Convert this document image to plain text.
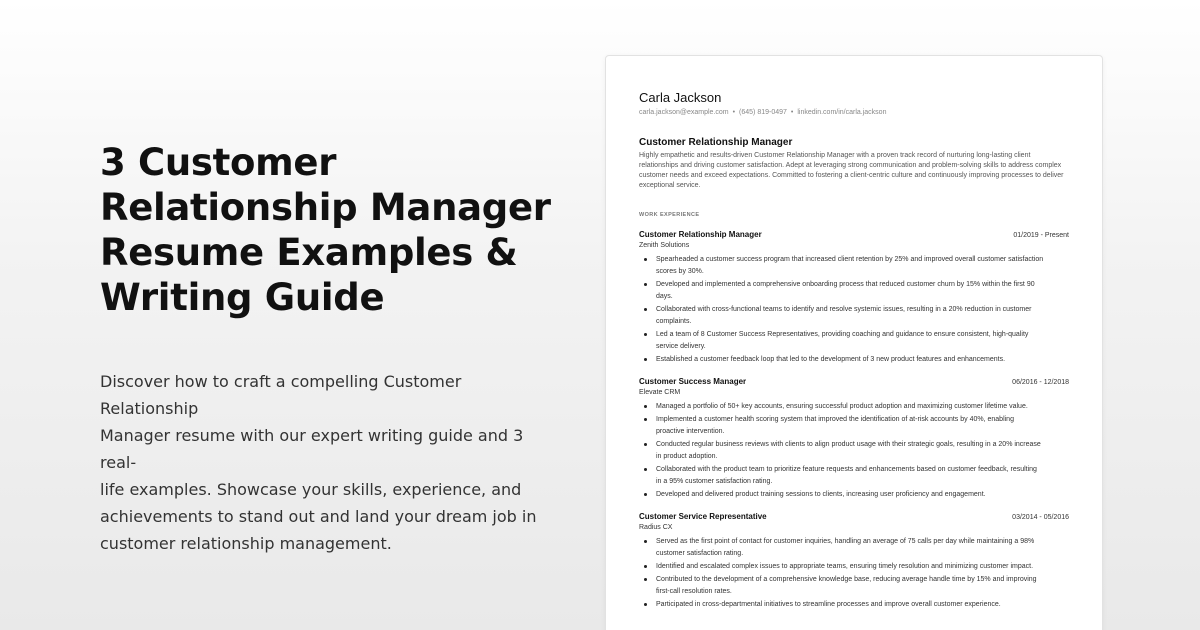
3 Customer
Relationship Manager
Resume Examples &
Writing Guide

Discover how to craft a compelling Customer Relationship
Manager resume with our expert writing guide and 3 real-
life examples. Showcase your skills, experience, and
achievements to stand out and land your dream job in
customer relationship management.

Carla Jackson
carla.jackson@example.com • (645) 819-0497 • linkedin.com/in/carla.jackson
Customer Relationship Manager
Highly empathetic and results-driven Customer Relationship Manager with a proven track record of nurturing long-lasting client relationships and driving customer satisfaction. Adept at leveraging strong communication and problem-solving skills to address complex customer needs and exceed expectations. Committed to fostering a client-centric culture and continuously improving processes to deliver exceptional service.
WORK EXPERIENCE
Customer Relationship Manager	01/2019 - Present
Zenith Solutions
Spearheaded a customer success program that increased client retention by 25% and improved overall customer satisfaction scores by 30%.
Developed and implemented a comprehensive onboarding process that reduced customer churn by 15% within the first 90 days.
Collaborated with cross-functional teams to identify and resolve systemic issues, resulting in a 20% reduction in customer complaints.
Led a team of 8 Customer Success Representatives, providing coaching and guidance to ensure consistent, high-quality service delivery.
Established a customer feedback loop that led to the development of 3 new product features and enhancements.
Customer Success Manager	06/2016 - 12/2018
Elevate CRM
Managed a portfolio of 50+ key accounts, ensuring successful product adoption and maximizing customer lifetime value.
Implemented a customer health scoring system that improved the identification of at-risk accounts by 40%, enabling proactive intervention.
Conducted regular business reviews with clients to align product usage with their strategic goals, resulting in a 20% increase in product adoption.
Collaborated with the product team to prioritize feature requests and enhancements based on customer feedback, resulting in a 95% customer satisfaction rating.
Developed and delivered product training sessions to clients, increasing user proficiency and engagement.
Customer Service Representative	03/2014 - 05/2016
Radius CX
Served as the first point of contact for customer inquiries, handling an average of 75 calls per day while maintaining a 98% customer satisfaction rating.
Identified and escalated complex issues to appropriate teams, ensuring timely resolution and minimizing customer impact.
Contributed to the development of a comprehensive knowledge base, reducing average handle time by 15% and improving first-call resolution rates.
Participated in cross-departmental initiatives to streamline processes and improve overall customer experience.
